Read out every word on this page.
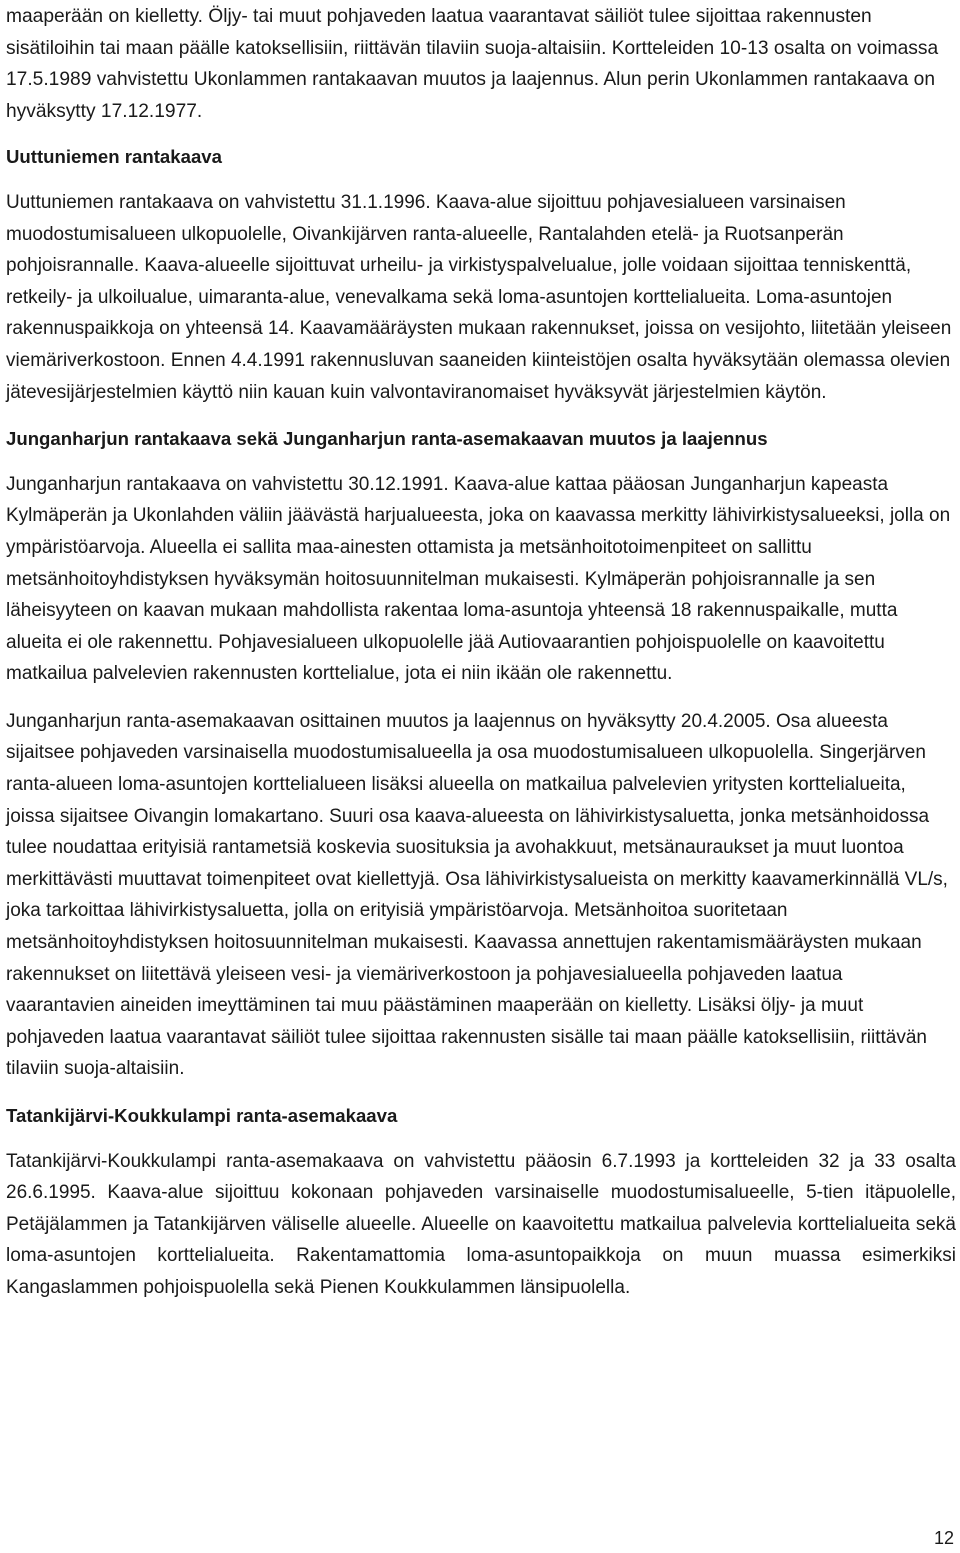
maaperään on kielletty. Öljy- tai muut pohjaveden laatua vaarantavat säiliöt tulee sijoittaa rakennusten sisätiloihin tai maan päälle katoksellisiin, riittävän tilaviin suoja-altaisiin. Kortteleiden 10-13 osalta on voimassa 17.5.1989 vahvistettu Ukonlammen rantakaavan muutos ja laajennus. Alun perin Ukonlammen rantakaava on hyväksytty 17.12.1977.

Uuttuniemen rantakaava

Uuttuniemen rantakaava on vahvistettu 31.1.1996. Kaava-alue sijoittuu pohjavesialueen varsinaisen muodostumisalueen ulkopuolelle, Oivankijärven ranta-alueelle, Rantalahden etelä- ja Ruotsanperän pohjoisrannalle. Kaava-alueelle sijoittuvat urheilu- ja virkistyspalvelualue, jolle voidaan sijoittaa tenniskenttä, retkeily- ja ulkoilualue, uimaranta-alue, venevalkama sekä loma-asuntojen korttelialueita. Loma-asuntojen rakennuspaikkoja on yhteensä 14. Kaavamääräysten mukaan rakennukset, joissa on vesijohto, liitetään yleiseen viemäriverkostoon. Ennen 4.4.1991 rakennusluvan saaneiden kiinteistöjen osalta hyväksytään olemassa olevien jätevesijärjestelmien käyttö niin kauan kuin valvontaviranomaiset hyväksyvät järjestelmien käytön.

Junganharjun rantakaava sekä Junganharjun ranta-asemakaavan muutos ja laajennus

Junganharjun rantakaava on vahvistettu 30.12.1991. Kaava-alue kattaa pääosan Junganharjun kapeasta Kylmäperän ja Ukonlahden väliin jäävästä harjualueesta, joka on kaavassa merkitty lähivirkistysalueeksi, jolla on ympäristöarvoja. Alueella ei sallita maa-ainesten ottamista ja metsänhoitotoimenpiteet on sallittu metsänhoitoyhdistyksen hyväksymän hoitosuunnitelman mukaisesti. Kylmäperän pohjoisrannalle ja sen läheisyyteen on kaavan mukaan mahdollista rakentaa loma-asuntoja yhteensä 18 rakennuspaikalle, mutta alueita ei ole rakennettu. Pohjavesialueen ulkopuolelle jää Autiovaarantien pohjoispuolelle on kaavoitettu matkailua palvelevien rakennusten korttelialue, jota ei niin ikään ole rakennettu.

Junganharjun ranta-asemakaavan osittainen muutos ja laajennus on hyväksytty 20.4.2005. Osa alueesta sijaitsee pohjaveden varsinaisella muodostumisalueella ja osa muodostumisalueen ulkopuolella. Singerjärven ranta-alueen loma-asuntojen korttelialueen lisäksi alueella on matkailua palvelevien yritysten korttelialueita, joissa sijaitsee Oivangin lomakartano. Suuri osa kaava-alueesta on lähivirkistysaluetta, jonka metsänhoidossa tulee noudattaa erityisiä rantametsiä koskevia suosituksia ja avohakkuut, metsänauraukset ja muut luontoa merkittävästi muuttavat toimenpiteet ovat kiellettyjä. Osa lähivirkistysalueista on merkitty kaavamerkinnällä VL/s, joka tarkoittaa lähivirkistysaluetta, jolla on erityisiä ympäristöarvoja. Metsänhoitoa suoritetaan metsänhoitoyhdistyksen hoitosuunnitelman mukaisesti. Kaavassa annettujen rakentamismääräysten mukaan rakennukset on liitettävä yleiseen vesi- ja viemäriverkostoon ja pohjavesialueella pohjaveden laatua vaarantavien aineiden imeyttäminen tai muu päästäminen maaperään on kielletty. Lisäksi öljy- ja muut pohjaveden laatua vaarantavat säiliöt tulee sijoittaa rakennusten sisälle tai maan päälle katoksellisiin, riittävän tilaviin suoja-altaisiin.

Tatankijärvi-Koukkulampi ranta-asemakaava

Tatankijärvi-Koukkulampi ranta-asemakaava on vahvistettu pääosin 6.7.1993 ja kortteleiden 32 ja 33 osalta 26.6.1995. Kaava-alue sijoittuu kokonaan pohjaveden varsinaiselle muodostumisalueelle, 5-tien itäpuolelle, Petäjälammen ja Tatankijärven väliselle alueelle. Alueelle on kaavoitettu matkailua palvelevia korttelialueita sekä loma-asuntojen korttelialueita. Rakentamattomia loma-asuntopaikkoja on muun muassa esimerkiksi Kangaslammen pohjoispuolella sekä Pienen Koukkulammen länsipuolella.

12
